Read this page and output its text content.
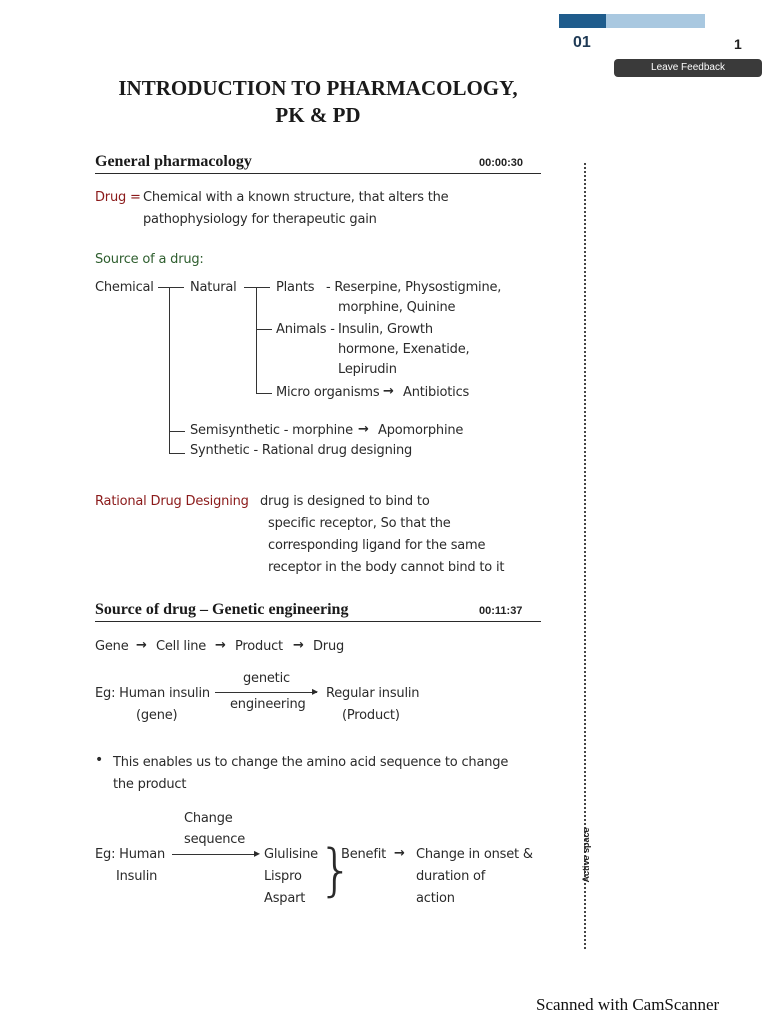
01	1
Leave Feedback
INTRODUCTION TO PHARMACOLOGY,
PK & PD
General pharmacology	00:00:30
Drug = Chemical with a known structure, that alters the
pathophysiology for therapeutic gain
Source of a drug:
Chemical	Natural	Plants - Reserpine, Physostigmine,
morphine, Quinine
Animals - Insulin, Growth
hormone, Exenatide,
Lepirudin
Micro organisms → Antibiotics
Semisynthetic - morphine → Apomorphine
Synthetic - Rational drug designing
Rational Drug Designing drug is designed to bind to
specific receptor, So that the
corresponding ligand for the same
receptor in the body cannot bind to it
Source of drug – Genetic engineering	00:11:37
Gene → Cell line → Product → Drug
Eg: Human insulin
(gene)
genetic
▸
engineering
Regular insulin
(Product)
• This enables us to change the amino acid sequence to change
the product
Change
sequence
Eg: Human
Insulin
▸ Glulisine
Lispro
Aspart }
Benefit → Change in onset &
duration of
action
Active space
Scanned with CamScanner
